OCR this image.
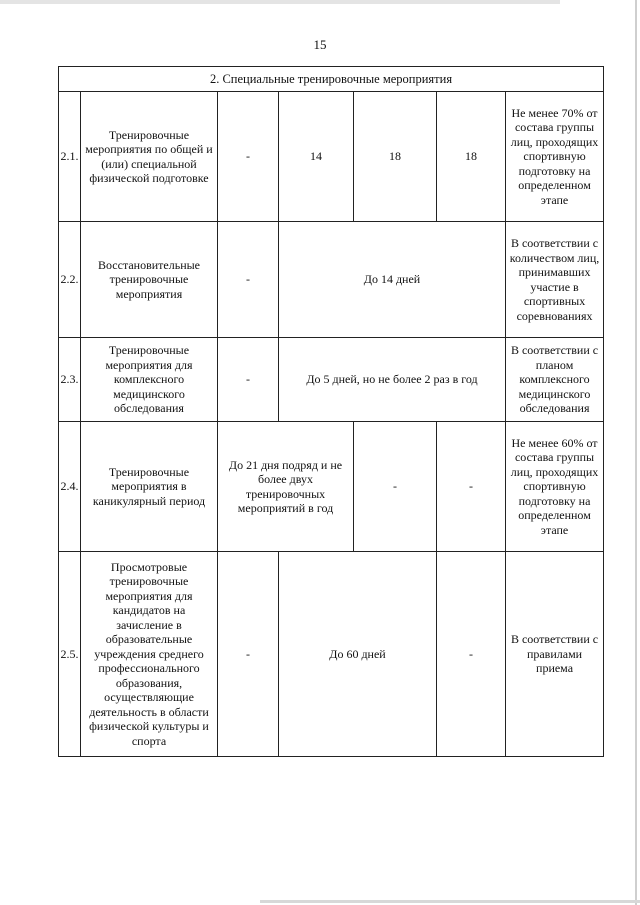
15
2. Специальные тренировочные мероприятия						
2.1.	Тренировочные мероприятия по общей и (или) специальной физической подготовке	-	14	18	18	Не менее 70% от состава группы лиц, проходящих спортивную подготовку на определенном этапе
2.2.	Восстановительные тренировочные мероприятия	-	До 14 дней			В соответствии с количеством лиц, принимавших участие в спортивных соревнованиях
2.3.	Тренировочные мероприятия для комплексного медицинского обследования	-	До 5 дней, но не более 2 раз в год			В соответствии с планом комплексного медицинского обследования
2.4.	Тренировочные мероприятия в каникулярный период	До 21 дня подряд и не более двух тренировочных мероприятий в год		-	-	Не менее 60% от состава группы лиц, проходящих спортивную подготовку на определенном этапе
2.5.	Просмотровые тренировочные мероприятия для кандидатов на зачисление в образовательные учреждения среднего профессионального образования, осуществляющие деятельность в области физической культуры и спорта	-	До 60 дней		-	В соответствии с правилами приема
